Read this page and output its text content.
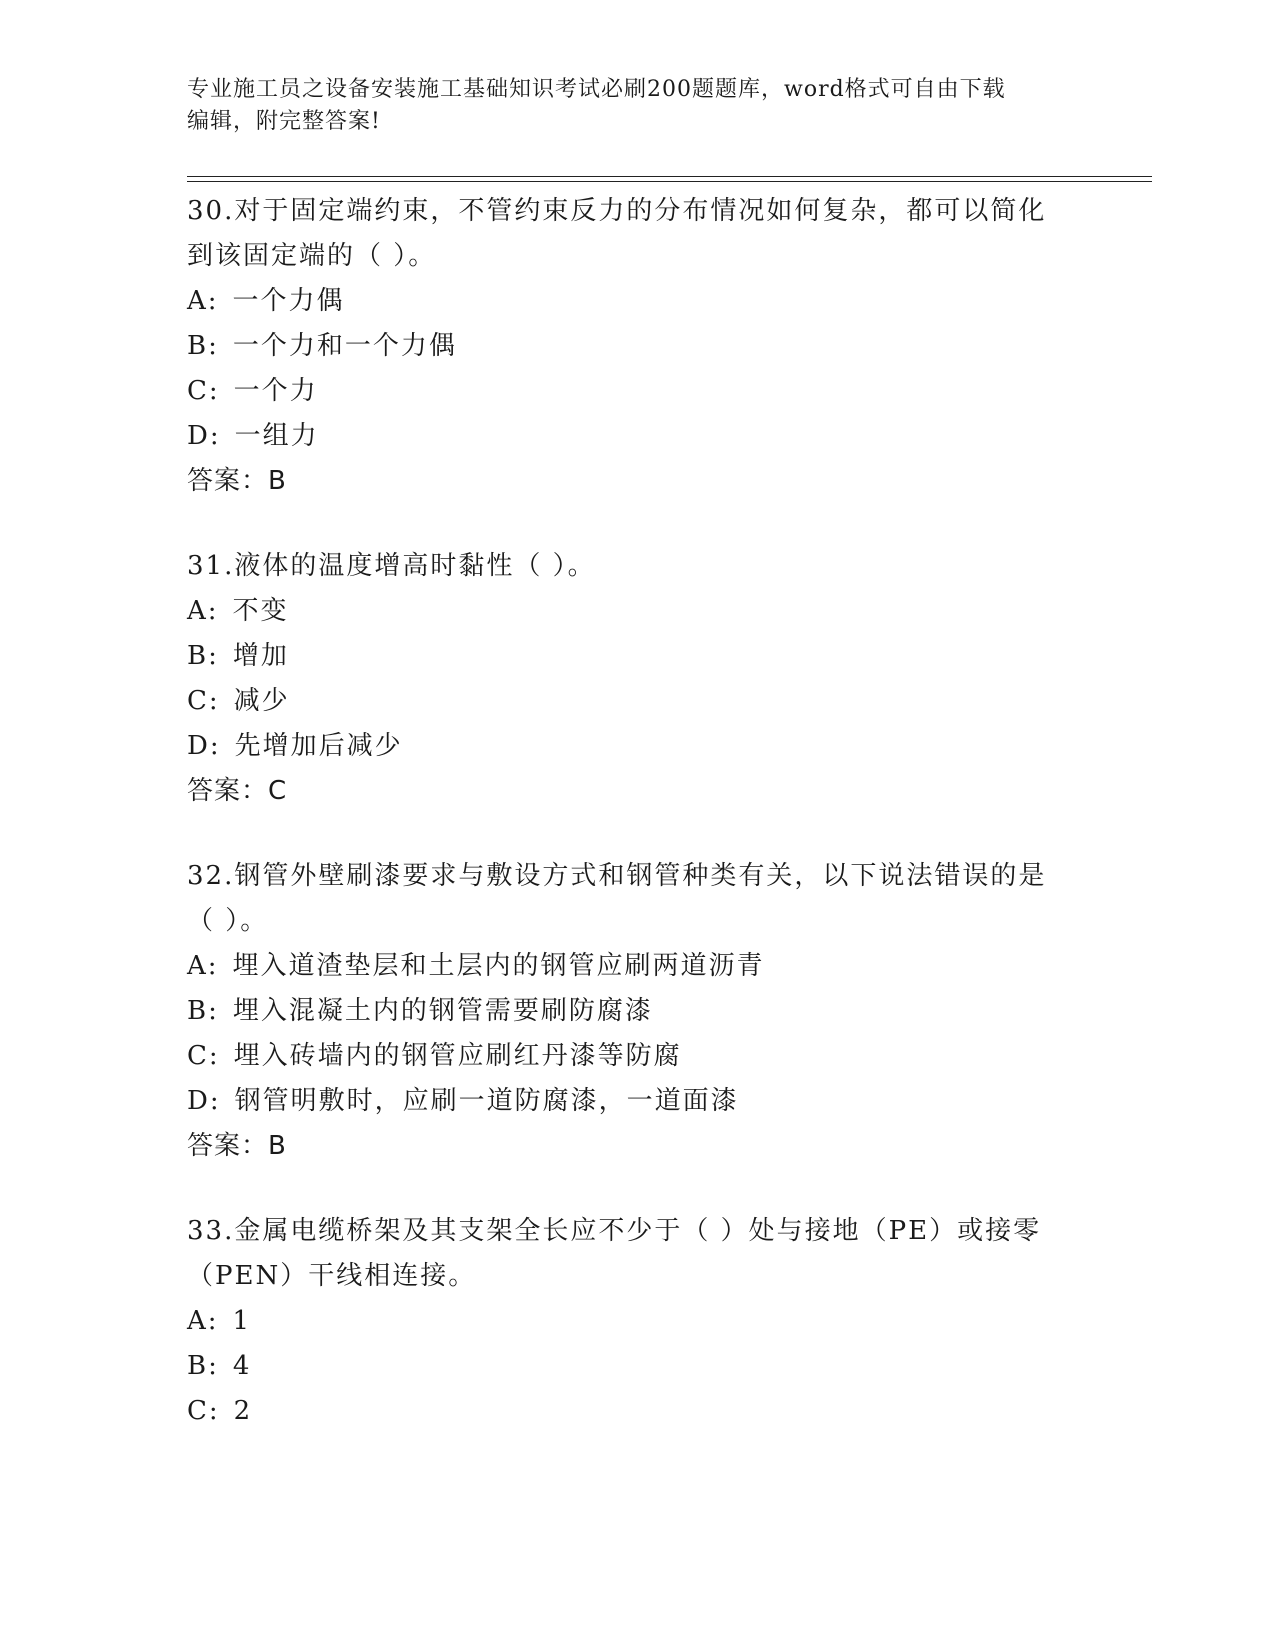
专业施工员之设备安装施工基础知识考试必刷200题题库，word格式可自由下载
编辑，附完整答案!
30.对于固定端约束，不管约束反力的分布情况如何复杂，都可以简化
到该固定端的（ ）。
A: 一个力偶
B: 一个力和一个力偶
C: 一个力
D: 一组力
答案：B
31.液体的温度增高时黏性（ ）。
A: 不变
B: 增加
C: 减少
D: 先增加后减少
答案：C
32.钢管外壁刷漆要求与敷设方式和钢管种类有关，以下说法错误的是
（ ）。
A: 埋入道渣垫层和土层内的钢管应刷两道沥青
B: 埋入混凝土内的钢管需要刷防腐漆
C: 埋入砖墙内的钢管应刷红丹漆等防腐
D: 钢管明敷时，应刷一道防腐漆，一道面漆
答案：B
33.金属电缆桥架及其支架全长应不少于（ ）处与接地（PE）或接零
（PEN）干线相连接。
A: 1
B: 4
C: 2
